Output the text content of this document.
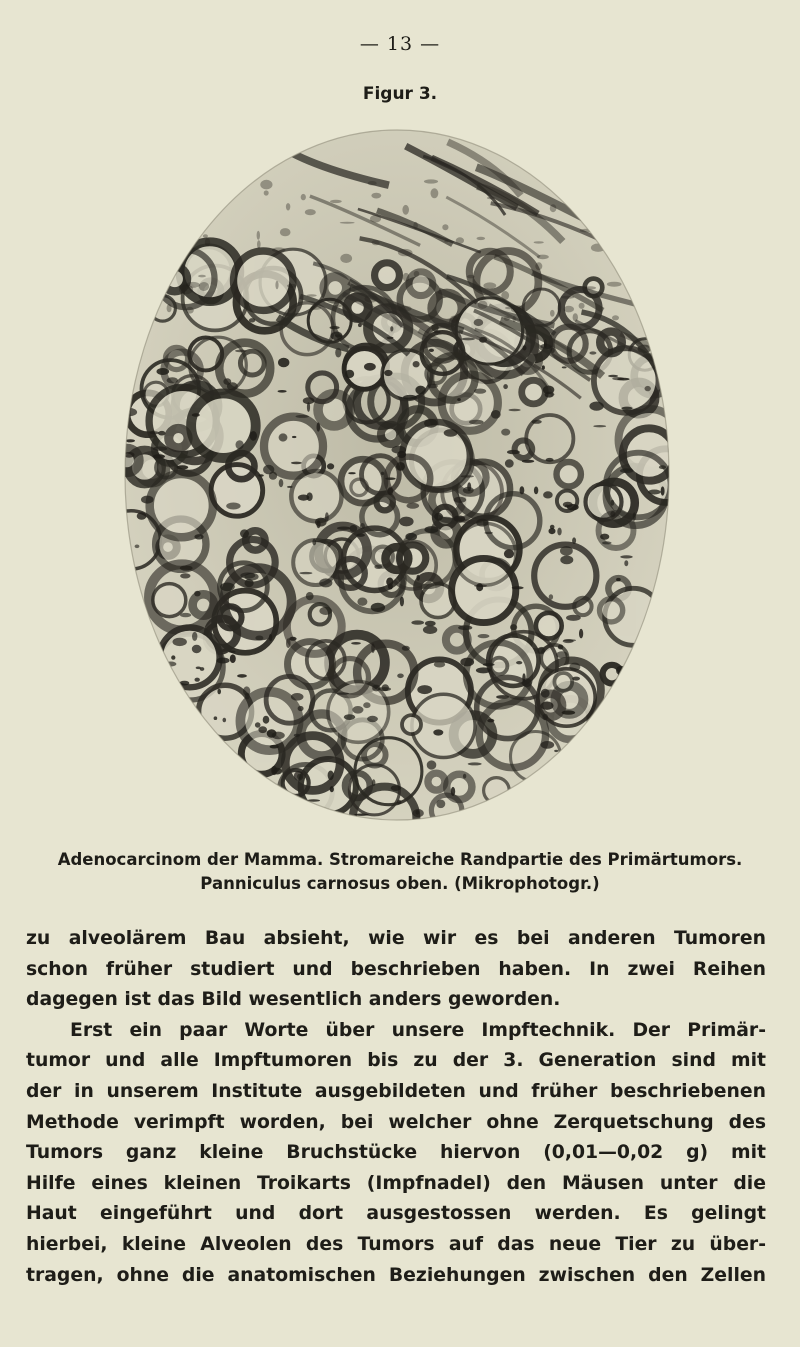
— 13 —
Figur 3.
Adenocarcinom der Mamma. Stromareiche Randpartie des Primärtumors.
Panniculus carnosus oben. (Mikrophotogr.)
zu alveolärem Bau absieht, wie wir es bei anderen Tumoren
schon früher studiert und beschrieben haben. In zwei Reihen
dagegen ist das Bild wesentlich anders geworden.
Erst ein paar Worte über unsere Impftechnik. Der Primär-
tumor und alle Impftumoren bis zu der 3. Generation sind mit
der in unserem Institute ausgebildeten und früher beschriebenen
Methode verimpft worden, bei welcher ohne Zerquetschung des
Tumors ganz kleine Bruchstücke hiervon (0,01—0,02 g) mit
Hilfe eines kleinen Troikarts (Impfnadel) den Mäusen unter die
Haut eingeführt und dort ausgestossen werden. Es gelingt
hierbei, kleine Alveolen des Tumors auf das neue Tier zu über-
tragen, ohne die anatomischen Beziehungen zwischen den Zellen
